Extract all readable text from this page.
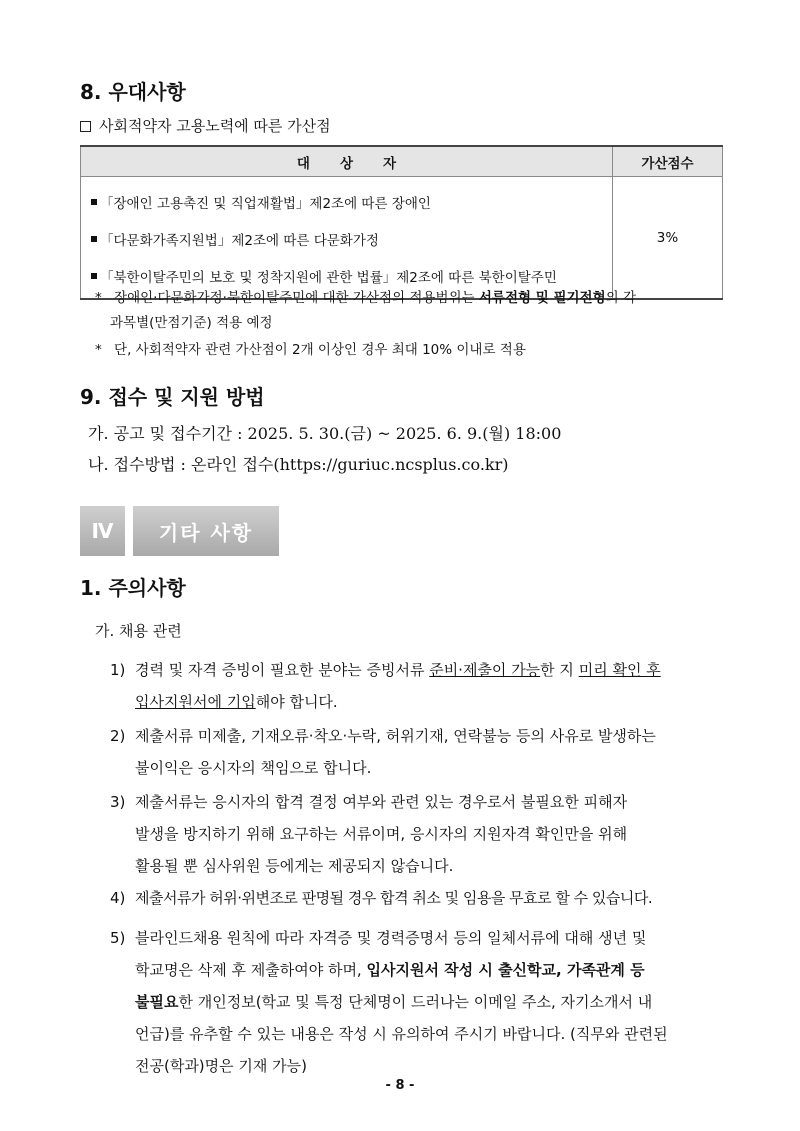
8. 우대사항
사회적약자 고용노력에 따른 가산점
대 상 자	가산점수

「장애인 고용촉진 및 직업재활법」제2조에 따른 장애인
「다문화가족지원법」제2조에 따른 다문화가정
「북한이탈주민의 보호 및 정착지원에 관한 법률」제2조에 따른 북한이탈주민	3%
* 장애인·다문화가정·북한이탈주민에 대한 가산점의 적용범위는 서류전형 및 필기전형의 각
과목별(만점기준) 적용 예정
* 단, 사회적약자 관련 가산점이 2개 이상인 경우 최대 10% 이내로 적용
9. 접수 및 지원 방법
가. 공고 및 접수기간 : 2025. 5. 30.(금) ~ 2025. 6. 9.(월) 18:00
나. 접수방법 : 온라인 접수(https://guriuc.ncsplus.co.kr)
Ⅳ	기타 사항
1. 주의사항
가. 채용 관련
1) 경력 및 자격 증빙이 필요한 분야는 증빙서류 준비·제출이 가능한 지 미리 확인 후
입사지원서에 기입 해야 합니다.
2) 제출서류 미제출, 기재오류·착오·누락, 허위기재, 연락불능 등의 사유로 발생하는
불이익은 응시자의 책임으로 합니다.
3) 제출서류는 응시자의 합격 결정 여부와 관련 있는 경우로서 불필요한 피해자
발생을 방지하기 위해 요구하는 서류이며, 응시자의 지원자격 확인만을 위해
활용될 뿐 심사위원 등에게는 제공되지 않습니다.
4) 제출서류가 허위·위변조로 판명될 경우 합격 취소 및 임용을 무효로 할 수 있습니다.
5) 블라인드채용 원칙에 따라 자격증 및 경력증명서 등의 일체서류에 대해 생년 및
학교명은 삭제 후 제출하여야 하며, 입사지원서 작성 시 출신학교, 가족관계 등
불필요한 개인정보(학교 및 특정 단체명이 드러나는 이메일 주소, 자기소개서 내
언급)를 유추할 수 있는 내용은 작성 시 유의하여 주시기 바랍니다. (직무와 관련된
전공(학과)명은 기재 가능)
- 8 -
